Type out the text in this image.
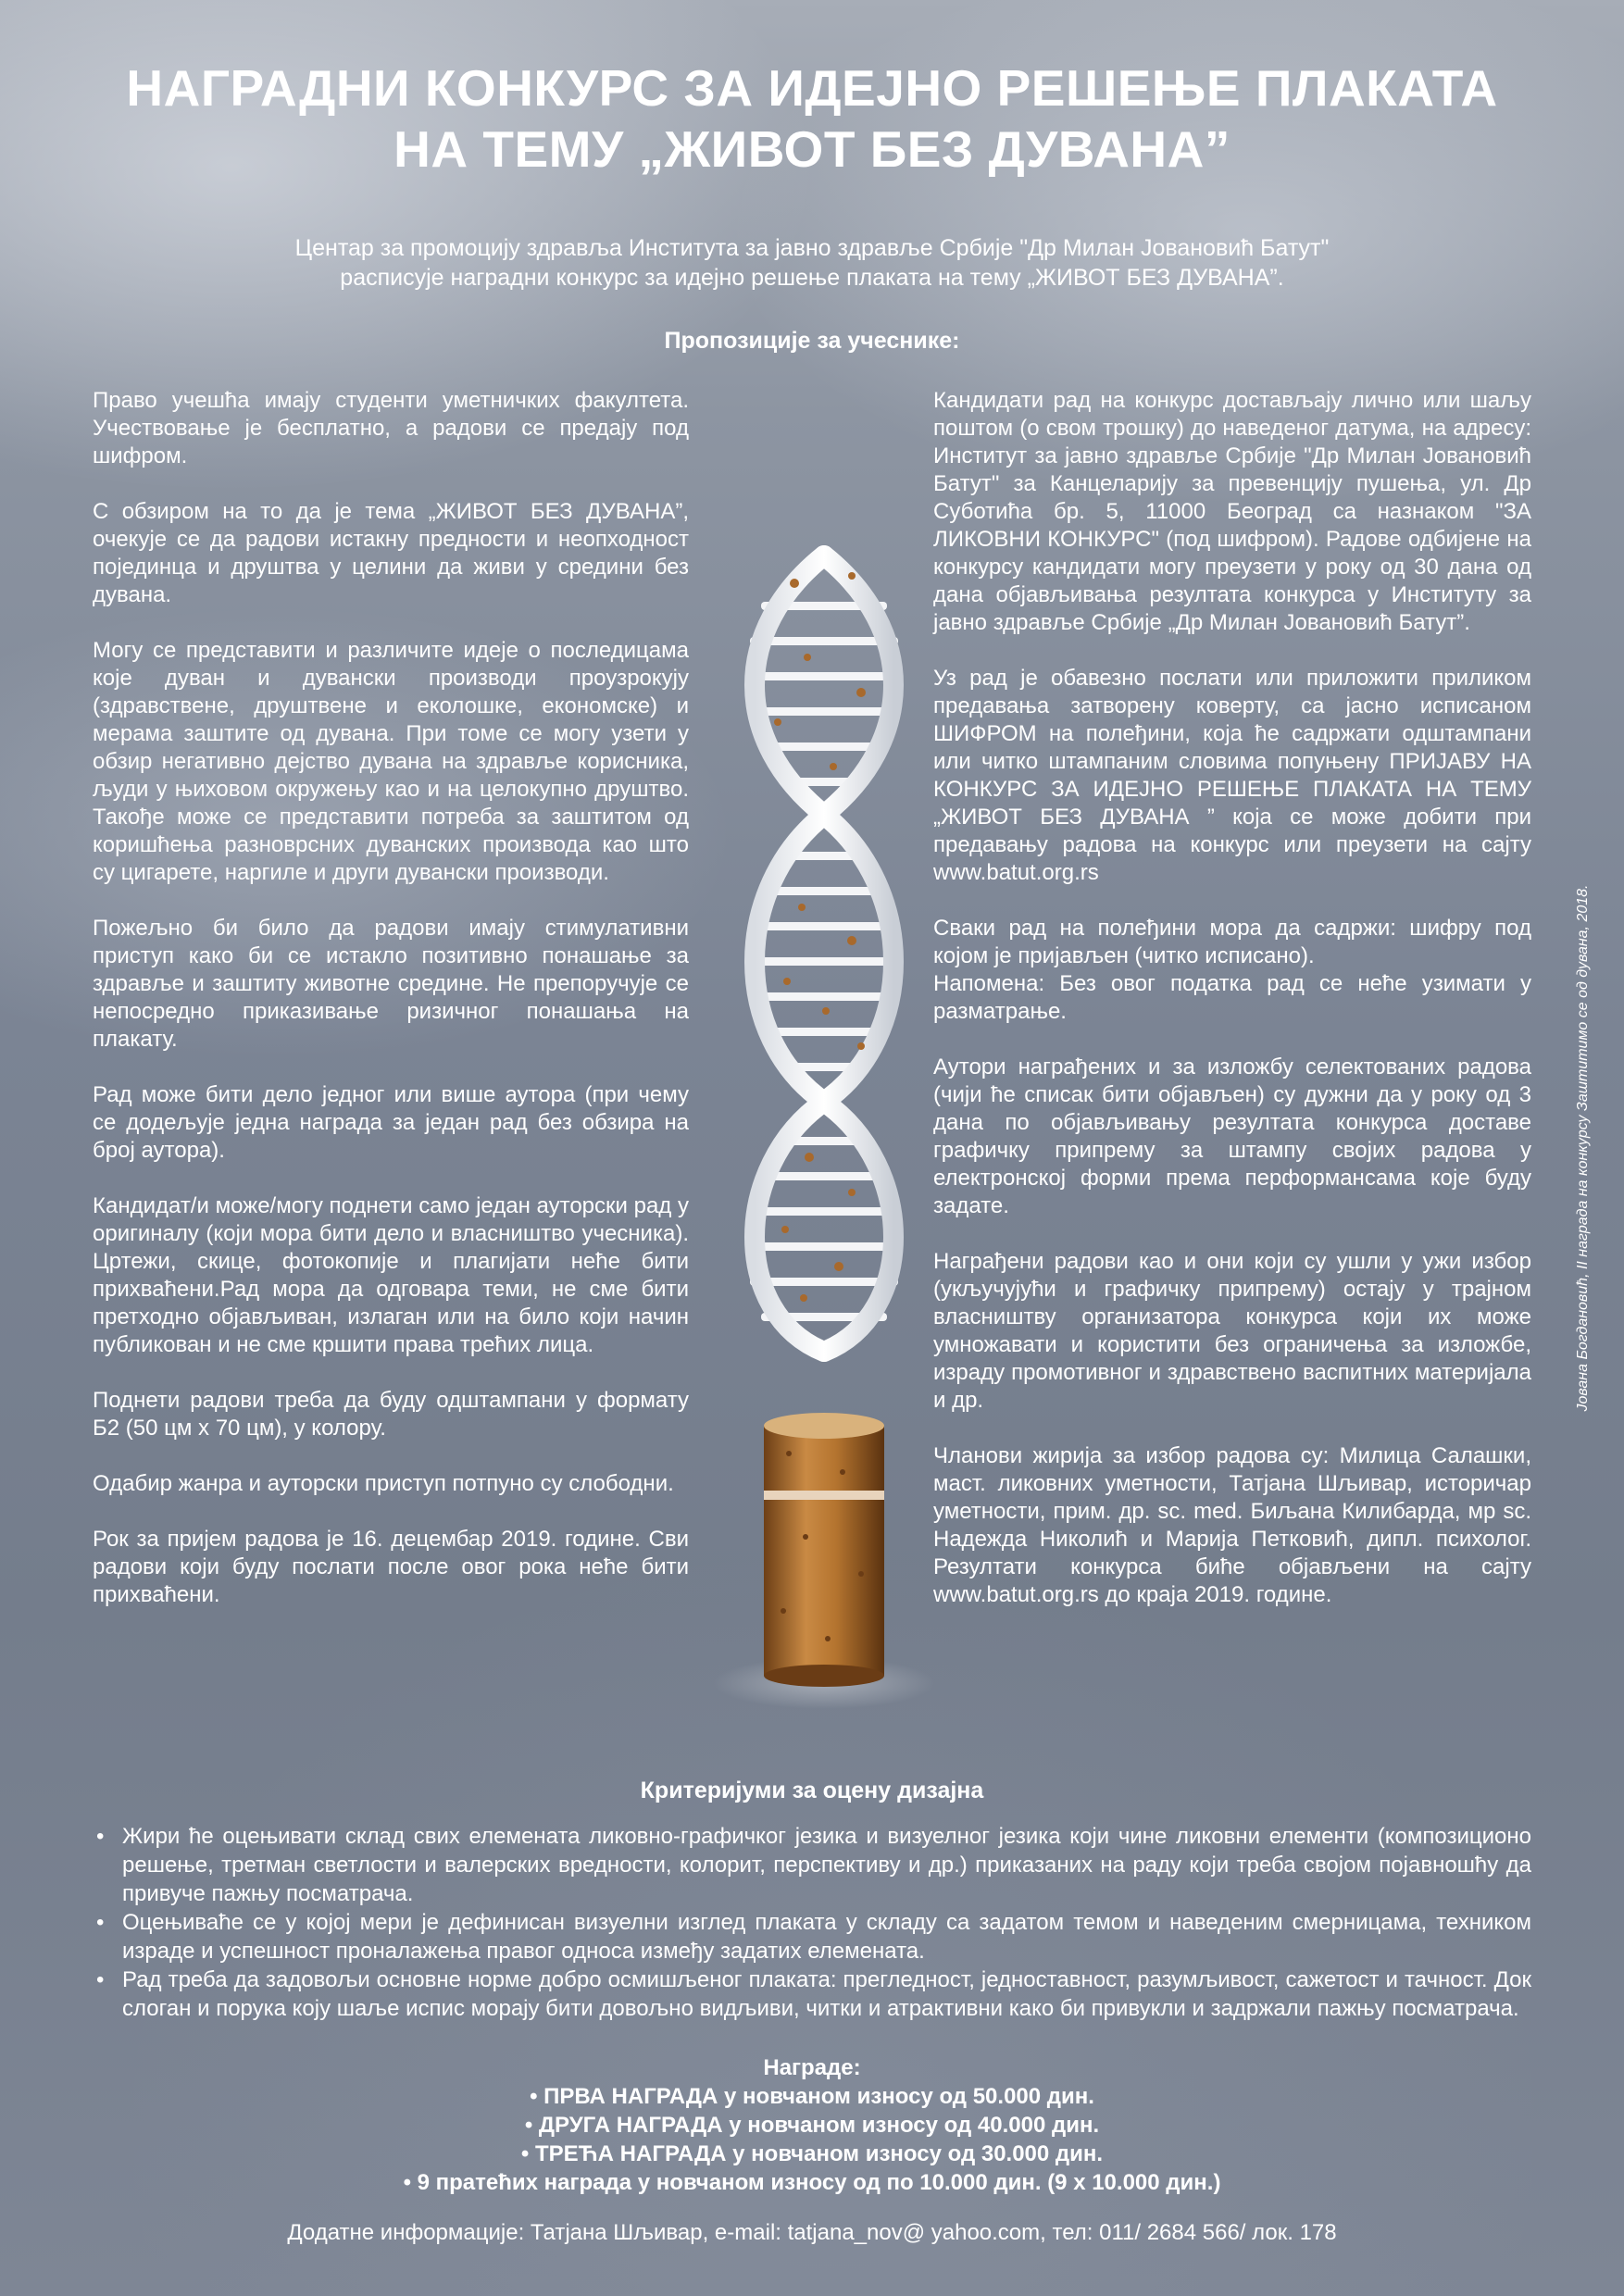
НАГРАДНИ КОНКУРС ЗА ИДЕЈНО РЕШЕЊЕ ПЛАКАТА
НА ТЕМУ „ЖИВОТ БЕЗ ДУВАНА”
Центар за промоцију здравља Института за јавно здравље Србије "Др Милан Јовановић Батут"
расписује наградни конкурс за идејно решење плаката на тему „ЖИВОТ БЕЗ ДУВАНА”.
Пропозиције за учеснике:

Право учешћа имају студенти уметничких факултета. Учествовање је бесплатно, а радови се предају под шифром.

С обзиром на то да је тема „ЖИВОТ БЕЗ ДУВАНА”, очекује се да радови истакну предности и неопходност појединца и друштва у целини да живи у средини без дувана.

Могу се представити и различите идеје о последицама које дуван и дувански производи проузрокују (здравствене, друштвене и еколошке, економске) и мерама заштите од дувана. При томе се могу узети у обзир негативно дејство дувана на здравље корисника, људи у њиховом окружењу као и на целокупно друштво. Такође може се представити потреба за заштитом од коришћења разноврсних дуванских производа као што су цигарете, наргиле и други дувански производи.

Пожељно би било да радови имају стимулативни приступ како би се истакло позитивно понашање за здравље и заштиту животне средине. Не препоручује се непосредно приказивање ризичног понашања на плакату.

Рад може бити дело једног или више аутора (при чему се додељује једна награда за један рад без обзира на број аутора).

Кандидат/и може/могу поднети само један ауторски рад у оригиналу (који мора бити дело и власништво учесника). Цртежи, скице, фотокопије и плагијати неће бити прихваћени.Рад мора да одговара теми, не сме бити претходно објављиван, излаган или на било који начин публикован и не сме кршити права трећих лица.

Поднети радови треба да буду одштампани у формату Б2 (50 цм x 70 цм), у колору.

Одабир жанра и ауторски приступ потпуно су слободни.

Рок за пријем радова је 16. децембар 2019. године. Сви радови који буду послати после овог рока неће бити прихваћени.

Кандидати рад на конкурс достављају лично или шаљу поштом (о свом трошку) до наведеног датума, на адресу: Институт за јавно здравље Србије "Др Милан Јовановић Батут" за Канцеларију за превенцију пушења, ул. Др Суботића бр. 5, 11000 Београд са назнаком "ЗА ЛИКОВНИ КОНКУРС" (под шифром). Радове одбијене на конкурсу кандидати могу преузети у року од 30 дана од дана објављивања резултата конкурса у Институту за јавно здравље Србије „Др Милан Јовановић Батут”.

Уз рад је обавезно послати или приложити приликом предавања затворену коверту, са јасно исписаном ШИФРОМ на полеђини, која ће садржати одштампани или читко штампаним словима попуњену ПРИЈАВУ НА КОНКУРС ЗА ИДЕЈНО РЕШЕЊЕ ПЛАКАТА НА ТЕМУ „ЖИВОТ БЕЗ ДУВАНА ” која се може добити при предавању радова на конкурс или преузети на сајту www.batut.org.rs

Сваки рад на полеђини мора да садржи: шифру под којом је пријављен (читко исписано).

Напомена: Без овог податка рад се неће узимати у разматрање.

Аутори награђених и за изложбу селектованих радова (чији ће списак бити објављен) су дужни да у року од 3 дана по објављивању резултата конкурса доставе графичку припрему за штампу својих радова у електронској форми према перформансама које буду задате.

Награђени радови као и они који су ушли у ужи избор (укључујући и графичку припрему) остају у трајном власништву организатора конкурса који их може умножавати и користити без ограничења за изложбе, израду промотивног и здравствено васпитних материјала и др.

Чланови жирија за избор радова су: Милица Салашки, маст. ликовних уметности, Татјана Шљивар, историчар уметности, прим. др. sc. med. Биљана Килибарда, мр sc. Надежда Николић и Марија Петковић, дипл. психолог. Резултати конкурса биће објављени на сајту www.batut.org.rs до краја 2019. године.

Јована Богдановић, II награда на конкурсу Заштитимо се од дувана, 2018.
Критеријуми за оцену дизајна
• Жири ће оцењивати склад свих елемената ликовно-графичког језика и визуелног језика који чине ликовни елементи (композиционо решење, третман светлости и валерских вредности, колорит, перспективу и др.) приказаних на раду који треба својом појавношћу да привуче пажњу посматрача.
• Оцењиваће се у којој мери је дефинисан визуелни изглед плаката у складу са задатом темом и наведеним смерницама, техником израде и успешност проналажења правог односа између задатих елемената.
• Рад треба да задовољи основне норме добро осмишљеног плаката: прегледност, једноставност, разумљивост, сажетост и тачност. Док слоган и порука коју шаље испис морају бити довољно видљиви, читки и атрактивни како би привукли и задржали пажњу посматрача.
Награде:
• ПРВА НАГРАДА у новчаном износу од 50.000 дин.
• ДРУГА НАГРАДА у новчаном износу од 40.000 дин.
• ТРЕЋА НАГРАДА у новчаном износу од 30.000 дин.
• 9 пратећих награда у новчаном износу од по 10.000 дин. (9 x 10.000 дин.)
Додатне информације: Татјана Шљивар, e-mail: tatjana_nov@ yahoo.com, тел: 011/ 2684 566/ лок. 178
